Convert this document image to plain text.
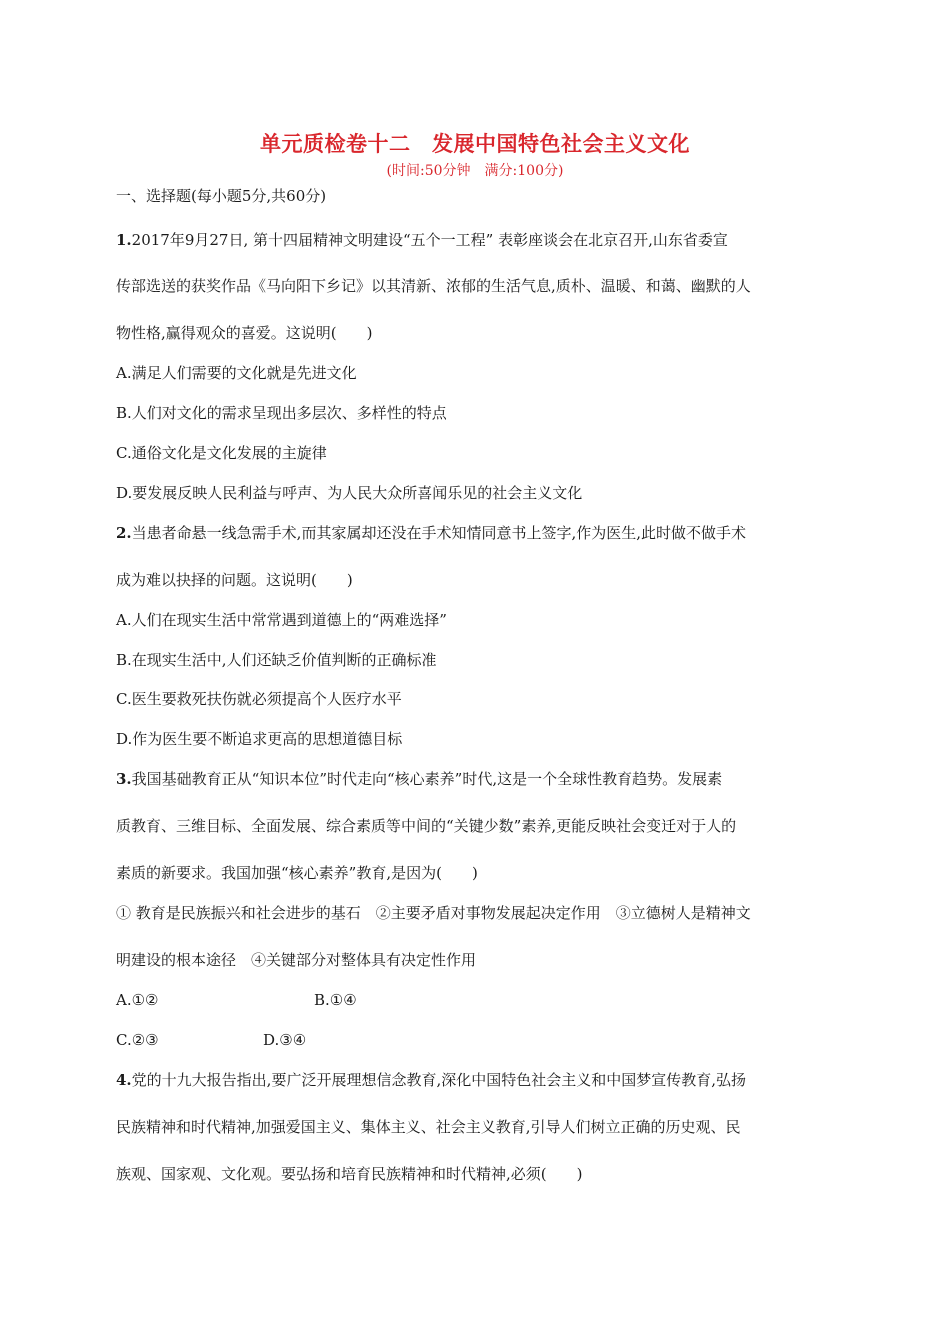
单元质检卷十二　发展中国特色社会主义文化
(时间:50分钟　满分:100分)
一、选择题(每小题5分,共60分)
1.2017年9月27日, 第十四届精神文明建设“五个一工程” 表彰座谈会在北京召开,山东省委宣
传部选送的获奖作品《马向阳下乡记》以其清新、浓郁的生活气息,质朴、温暖、和蔼、幽默的人
物性格,赢得观众的喜爱。这说明(　　)
A.满足人们需要的文化就是先进文化
B.人们对文化的需求呈现出多层次、多样性的特点
C.通俗文化是文化发展的主旋律
D.要发展反映人民利益与呼声、为人民大众所喜闻乐见的社会主义文化
2.当患者命悬一线急需手术,而其家属却还没在手术知情同意书上签字,作为医生,此时做不做手术
成为难以抉择的问题。这说明(　　)
A.人们在现实生活中常常遇到道德上的“两难选择”
B.在现实生活中,人们还缺乏价值判断的正确标准
C.医生要救死扶伤就必须提高个人医疗水平
D.作为医生要不断追求更高的思想道德目标
3.我国基础教育正从“知识本位”时代走向“核心素养”时代,这是一个全球性教育趋势。发展素
质教育、三维目标、全面发展、综合素质等中间的“关键少数”素养,更能反映社会变迁对于人的
素质的新要求。我国加强“核心素养”教育,是因为(　　)
① 教育是民族振兴和社会进步的基石　②主要矛盾对事物发展起决定作用　③立德树人是精神文
明建设的根本途径　④关键部分对整体具有决定性作用
A.①②	B.①④
C.②③	D.③④
4.党的十九大报告指出,要广泛开展理想信念教育,深化中国特色社会主义和中国梦宣传教育,弘扬
民族精神和时代精神,加强爱国主义、集体主义、社会主义教育,引导人们树立正确的历史观、民
族观、国家观、文化观。要弘扬和培育民族精神和时代精神,必须(　　)
